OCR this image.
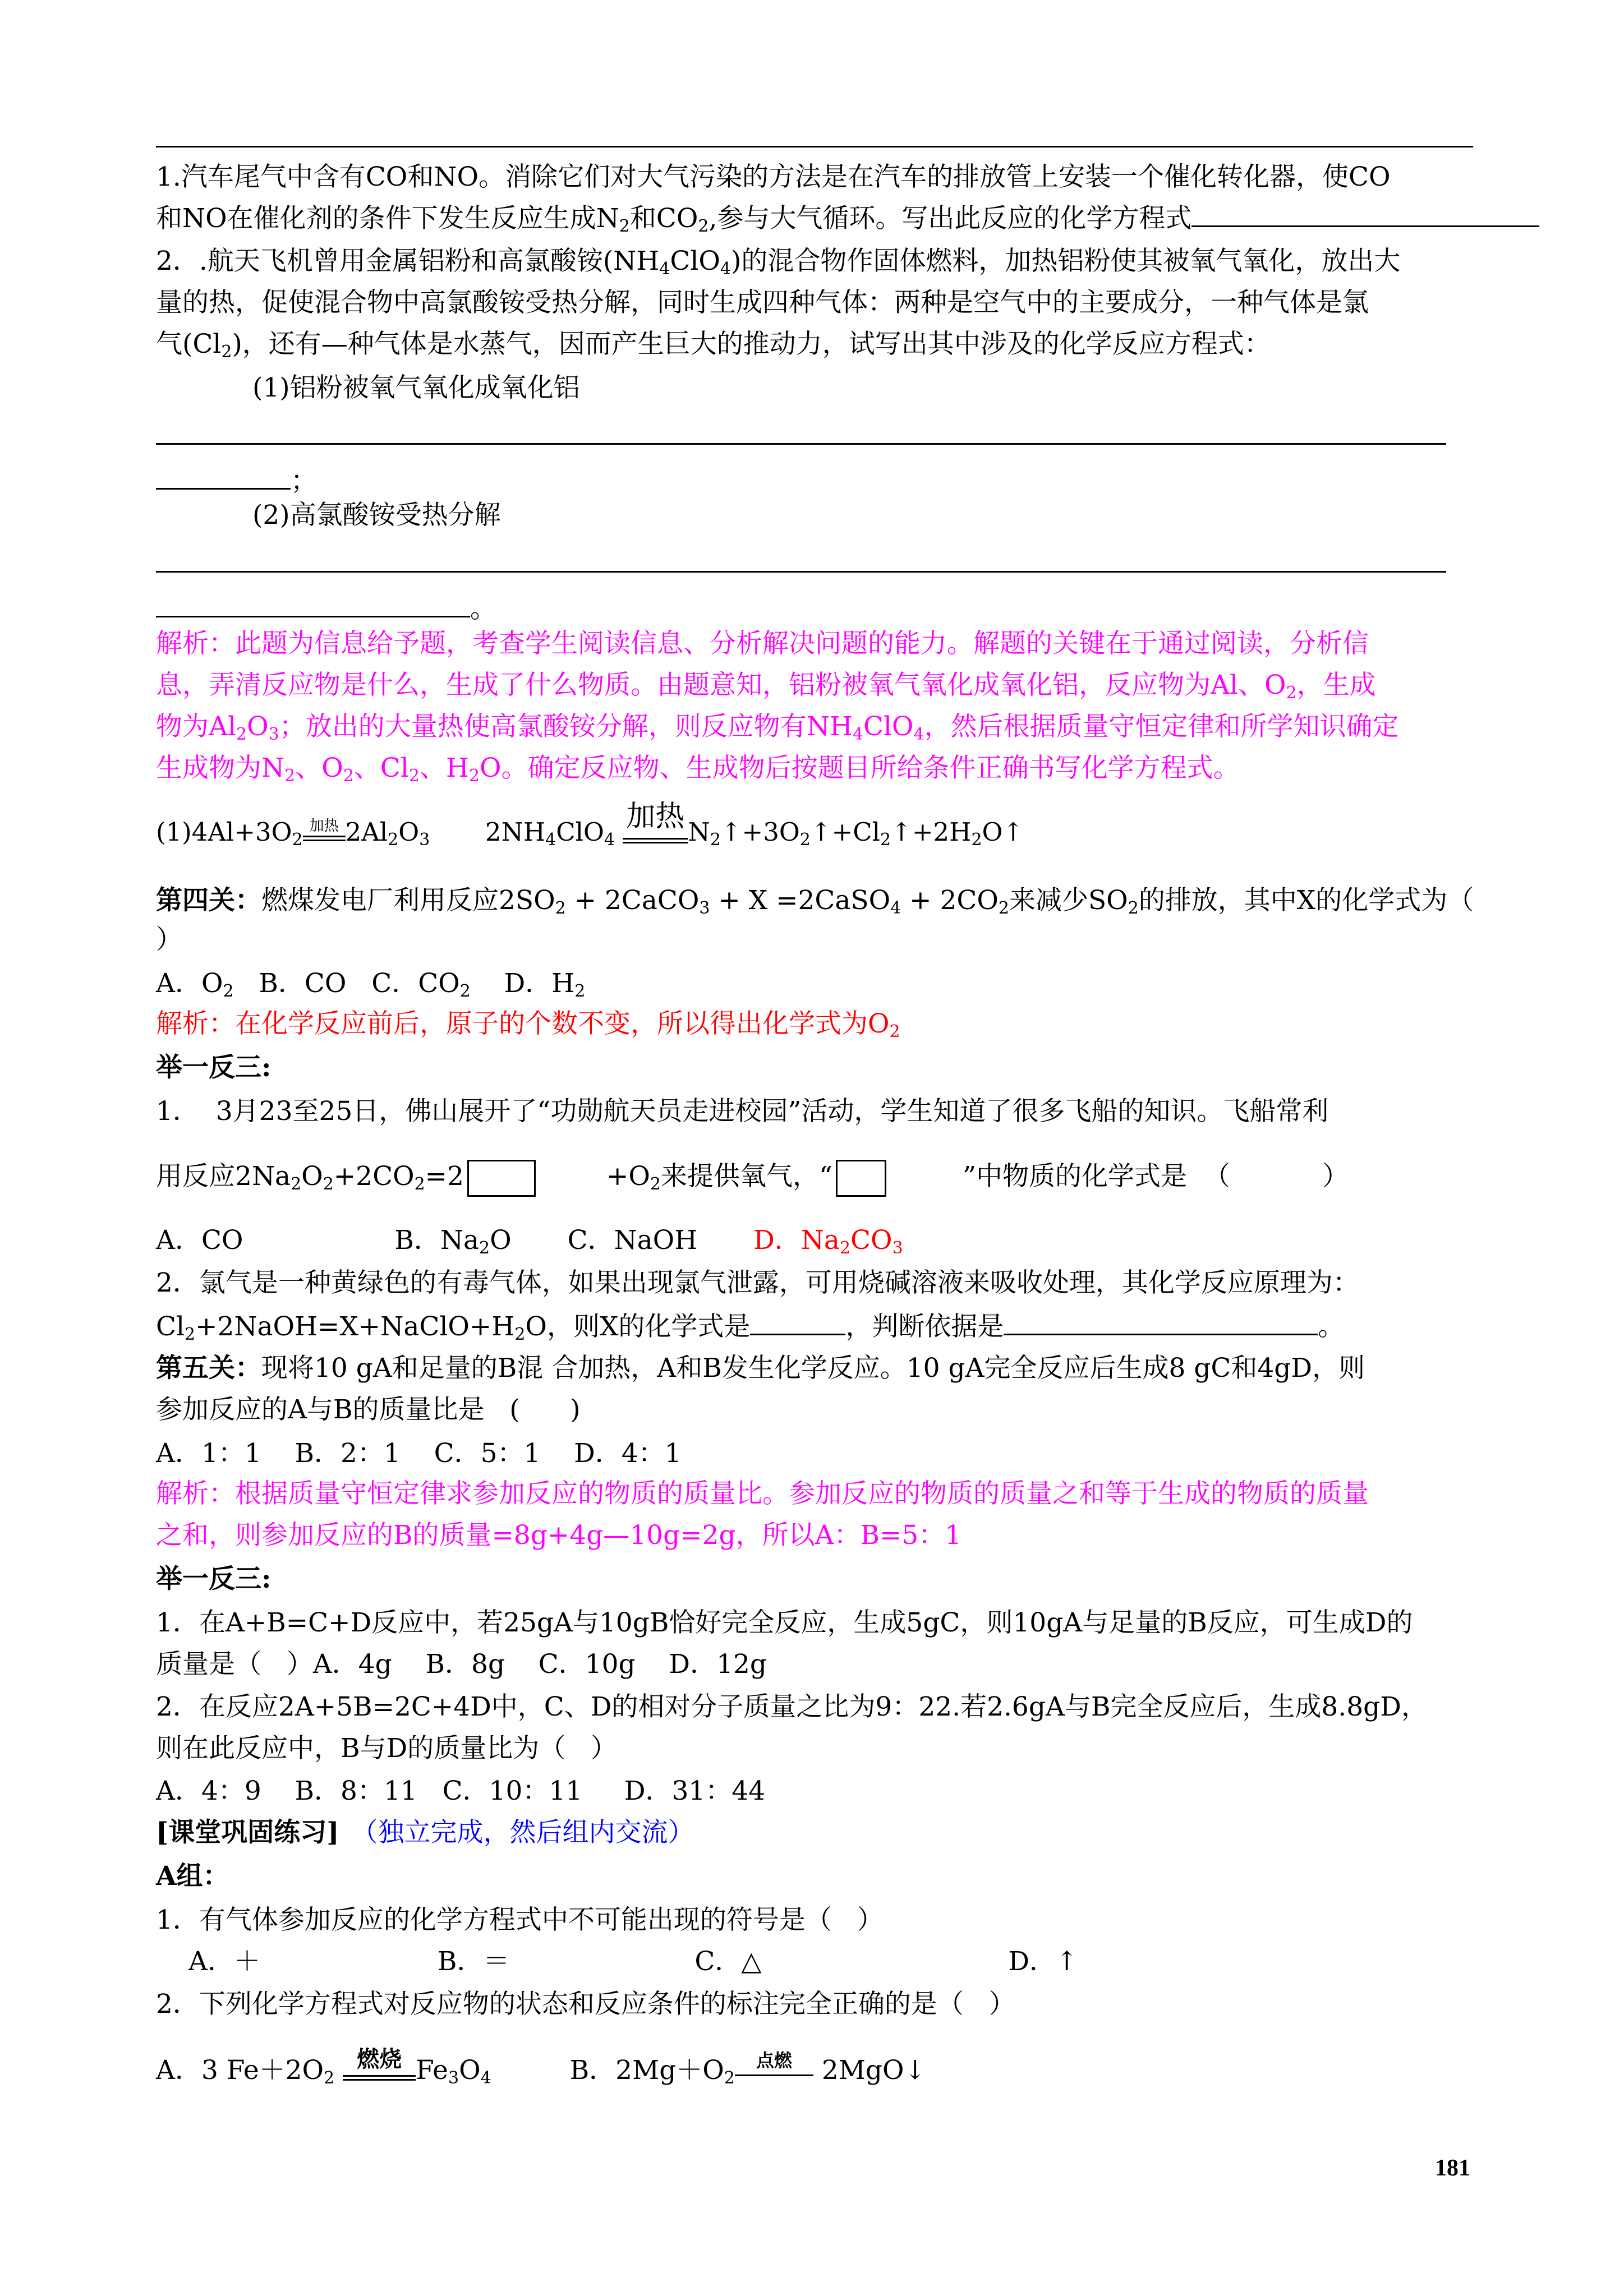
1.汽车尾气中含有CO和NO。消除它们对大气污染的方法是在汽车的排放管上安装一个催化转化器，使CO
和NO在催化剂的条件下发生反应生成$N_2$和$CO_2$,参与大气循环。写出此反应的化学方程式
2．.航天飞机曾用金属铝粉和高氯酸铵$(NH_4ClO_4)$的混合物作固体燃料，加热铝粉使其被氧气氧化，放出大
量的热，促使混合物中高氯酸铵受热分解，同时生成四种气体：两种是空气中的主要成分，一种气体是氯
气$(Cl_2)$，还有—种气体是水蒸气，因而产生巨大的推动力，试写出其中涉及的化学反应方程式：
(1)铝粉被氧气氧化成氧化铝
；
(2)高氯酸铵受热分解
。
解析：此题为信息给予题，考查学生阅读信息、分析解决问题的能力。解题的关键在于通过阅读，分析信
息，弄清反应物是什么，生成了什么物质。由题意知，铝粉被氧气氧化成氧化铝，反应物为Al、$O_2$，生成
物为$Al_2O_3$；放出的大量热使高氯酸铵分解，则反应物有$NH_4ClO_4$，然后根据质量守恒定律和所学知识确定
生成物为$N_2$、$O_2$、$Cl_2$、$H_2O$。确定反应物、生成物后按题目所给条件正确书写化学方程式。
$(1)4Al+3O_2$
加热 $2Al_2O_3$ $2NH_4ClO_4$
加热 $N_2↑+3O_2↑+Cl_2↑+2H_2O↑$
第四关：燃煤发电厂利用反应$2SO_2$ + 2CaCO$_3$ + X =2CaSO$_4$ + $2CO_2$来减少$SO_2$的排放，其中X的化学式为（
）
A．$O_2$   B．CO   C．$CO_2$    D．$H_2$
解析：在化学反应前后，原子的个数不变，所以得出化学式为$O_2$
举一反三:
1．  3月23至25日，佛山展开了“功勋航天员走进校园”活动，学生知道了很多飞船的知识。飞船常利
用反应$2Na_2O_2+2CO_2=2$	$+O_2$来提供氧气，“	”中物质的化学式是  （           ）
A．CO	B．$Na_2O$ C．NaOH D．$Na_2CO_3$
2．氯气是一种黄绿色的有毒气体，如果出现氯气泄露，可用烧碱溶液来吸收处理，其化学反应原理为：
$Cl_2+2NaOH=X+NaClO+H_2O$，则X的化学式是	，判断依据是	。
第五关：现将10 gA和足量的B混 合加热，A和B发生化学反应。10 gA完全反应后生成8 gC和4gD，则
参加反应的A与B的质量比是   (      )
A．1：1    B．2：1    C．5：1    D．4：1
解析：根据质量守恒定律求参加反应的物质的质量比。参加反应的物质的质量之和等于生成的物质的质量
之和，则参加反应的B的质量=8g+4g—10g=2g，所以A：B=5：1
举一反三:
1．在A+B=C+D反应中，若25gA与10gB恰好完全反应，生成5gC，则10gA与足量的B反应，可生成D的
质量是（   ）A．4g    B．8g    C．10g    D．12g
2．在反应2A+5B=2C+4D中，C、D的相对分子质量之比为9：22.若2.6gA与B完全反应后，生成8.8gD，
则在此反应中，B与D的质量比为（   ）
A．4：9    B．8：11   C．10：11     D．31：44
[课堂巩固练习] （独立完成，然后组内交流）
A组：
1．有气体参加反应的化学方程式中不可能出现的符号是（   ）
A．＋	B．＝	C．△	D．↑
2．下列化学方程式对反应物的状态和反应条件的标注完全正确的是（   ）
A．3 $Fe+2O_2$
燃烧 $Fe_3O_4$	B．$2Mg+O_2$
点燃	2MgO↓
181
